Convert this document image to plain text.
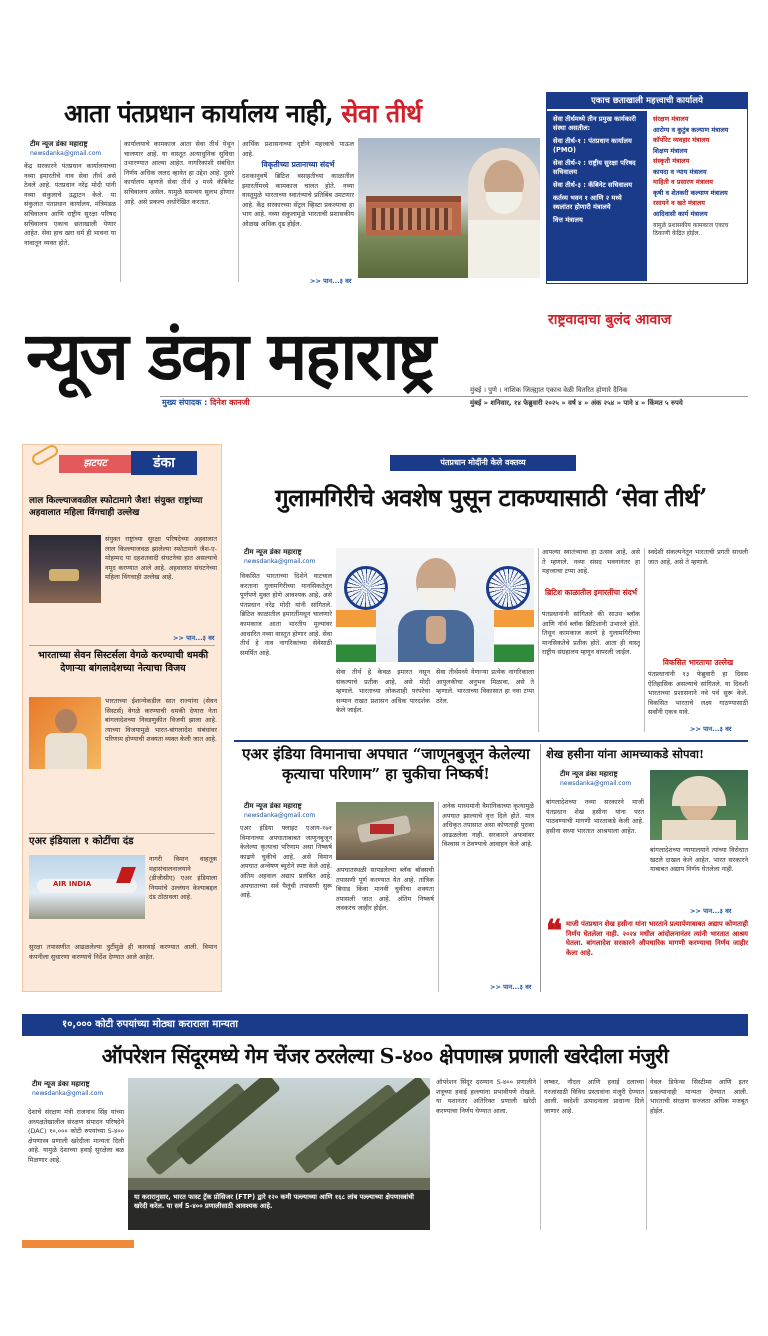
आता पंतप्रधान कार्यालय नाही, सेवा तीर्थ
टीम न्यूज डंका महाराष्ट्र
newsdanka@gmail.com
केंद्र सरकारने पंतप्रधान कार्यालयाच्या नव्या इमारतीचे नाव सेवा तीर्थ असे ठेवले आहे. पंतप्रधान नरेंद्र मोदी यांनी नव्या संकुलाचे उद्घाटन केले. या संकुलात पंतप्रधान कार्यालय, मंत्रिमंडळ सचिवालय आणि राष्ट्रीय सुरक्षा परिषद सचिवालय एकाच छताखाली येणार आहेत. सेवा हाच खरा धर्म ही भावना या नावातून व्यक्त होते.
कार्यालयाचे कामकाज आता सेवा तीर्थ येथून चालणार आहे. या वास्तूत अत्याधुनिक सुविधा उभारण्यात आल्या आहेत. नागरिकांशी संबंधित निर्णय अधिक जलद व्हावेत हा उद्देश आहे. दुसरे कार्यालय म्हणजे सेवा तीर्थ ३ मध्ये कॅबिनेट सचिवालय असेल. यामुळे समन्वय सुलभ होणार आहे. असे प्रकल्प अधोरेखित करतात.
आर्थिक प्रशासनाच्या दृष्टीने महत्त्वाचे पाऊल आहे.
विकृतीच्या प्रतानाच्या संदर्भ
दशकानुवर्षे ब्रिटिश वसाहतीच्या काळातील इमारतींमध्ये कामकाज चालत होते. नव्या वास्तूमुळे भारताच्या स्वातंत्र्याचे प्रतिबिंब उमटणार आहे. केंद्र सरकारच्या सेंट्रल व्हिस्टा प्रकल्पाचा हा भाग आहे. नव्या संकुलामुळे भारताची प्रशासकीय ओळख अधिक दृढ होईल.
>> पान...३ वर
एकाच छताखाली महत्त्वाची कार्यालये
सेवा तीर्थमध्ये तीन प्रमुख कार्यकारी संस्था असतील:
सेवा तीर्थ-१ : पंतप्रधान कार्यालय (PMO)
सेवा तीर्थ-२ : राष्ट्रीय सुरक्षा परिषद सचिवालय
सेवा तीर्थ-३ : कॅबिनेट सचिवालय
कर्तव्य भवन १ आणि २ मध्ये स्थलांतर होणारी मंत्रालये
वित्त मंत्रालय
संरक्षण मंत्रालय
आरोग्य व कुटुंब कल्याण मंत्रालय
कॉर्पोरेट व्यवहार मंत्रालय
शिक्षण मंत्रालय
संस्कृती मंत्रालय
कायदा व न्याय मंत्रालय
माहिती व प्रसारण मंत्रालय
कृषी व शेतकरी कल्याण मंत्रालय
रसायने व खते मंत्रालय
आदिवासी कार्य मंत्रालय
यामुळे प्रशासकीय कामकाज एकाच ठिकाणी केंद्रित होईल.
राष्ट्रवादाचा बुलंद आवाज
न्यूज डंका महाराष्ट्र	मुंबई । पुणे । नाशिक जिल्ह्यात एकाच वेळी वितरित होणारे दैनिक
मुख्य संपादक : दिनेश कानजी	मुंबई » शनिवार, १४ फेब्रुवारी २०२५ » वर्ष ४ » अंक २५४ » पाने ४ » किंमत ५ रुपये
झटपट	डंका
लाल किल्ल्याजवळील स्फोटामागे जैश! संयुक्त राष्ट्रांच्या अहवालात महिला विंगचाही उल्लेख
संयुक्त राष्ट्रांच्या सुरक्षा परिषदेच्या अहवालात लाल किल्ल्याजवळ झालेल्या स्फोटामागे जैश-ए-मोहम्मद या दहशतवादी संघटनेचा हात असल्याचे नमूद करण्यात आले आहे. अहवालात संघटनेच्या महिला विंगचाही उल्लेख आहे.
>> पान...३ वर
भारताच्या सेवन सिस्टर्सला वेगळे करण्याची धमकी देणाऱ्या बांगलादेशच्या नेत्याचा विजय
भारताच्या ईशान्येकडील सात राज्यांना (सेवन सिस्टर्स) वेगळे करण्याची धमकी देणारा नेता बांगलादेशच्या निवडणुकीत विजयी झाला आहे. त्याच्या विजयामुळे भारत-बांगलादेश संबंधांवर परिणाम होण्याची शक्यता व्यक्त केली जात आहे.
एअर इंडियाला १ कोटींचा दंड
AIR INDIA
नागरी विमान वाहतूक महासंचालनालयाने (डीजीसीए) एअर इंडियाला नियमांचे उल्लंघन केल्याबद्दल दंड ठोठावला आहे.
सुरक्षा तपासणीत आढळलेल्या त्रुटींमुळे ही कारवाई करण्यात आली. विमान कंपनीला सुधारणा करण्याचे निर्देश देण्यात आले आहेत.
पंतप्रधान मोदींनी केले वक्तव्य
गुलामगिरीचे अवशेष पुसून टाकण्यासाठी ‘सेवा तीर्थ’
टीम न्यूज डंका महाराष्ट्र
newsdanka@gmail.com
विकसित भारताच्या दिशेने वाटचाल करताना गुलामगिरीच्या मानसिकतेतून पूर्णपणे मुक्त होणे आवश्यक आहे, असे पंतप्रधान नरेंद्र मोदी यांनी सांगितले. ब्रिटिश काळातील इमारतींमधून चालणारे कामकाज आता भारतीय मूल्यांवर आधारित नव्या वास्तूत होणार आहे. सेवा तीर्थ हे नाव नागरिकांच्या सेवेसाठी समर्पित आहे.
सेवा तीर्थ हे केवळ इमारत नसून संकल्पाचे प्रतीक आहे, असे मोदी म्हणाले. भारताच्या लोकशाही परंपरेचा सन्मान राखत प्रशासन अधिक पारदर्शक केले जाईल.
सेवा तीर्थमध्ये येणाऱ्या प्रत्येक नागरिकाला आपुलकीचा अनुभव मिळावा, असे ते म्हणाले. भारताच्या विकासात हा नवा टप्पा ठरेल.
आपल्या स्वातंत्र्याचा हा उत्सव आहे, असे ते म्हणाले. नव्या संसद भवनानंतर हा महत्त्वाचा टप्पा आहे.
ब्रिटिश काळातील इमारतींचा संदर्भ
पंतप्रधानांनी सांगितले की साउथ ब्लॉक आणि नॉर्थ ब्लॉक ब्रिटिशांनी उभारले होते. तिथून कामकाज करणे हे गुलामगिरीच्या मानसिकतेचे प्रतीक होते. आता ही वास्तू राष्ट्रीय संग्रहालय म्हणून वापरली जाईल.
स्वदेशी संकल्पनेतून भारताची प्रगती साधली जात आहे, असे ते म्हणाले.
विकसित भारताचा उल्लेख
पंतप्रधानांनी १३ फेब्रुवारी हा दिवस ऐतिहासिक असल्याचे सांगितले. या दिवशी भारताच्या प्रशासनाने नवे पर्व सुरू केले. विकसित भारताचे लक्ष्य गाठण्यासाठी सर्वांनी एकत्र यावे.
>> पान...३ वर
एअर इंडिया विमानाचा अपघात “जाणूनबुजून केलेल्या कृत्याचा परिणाम” हा चुकीचा निष्कर्ष!
टीम न्यूज डंका महाराष्ट्र
newsdanka@gmail.com
एअर इंडिया फ्लाइट एआय-१७१ विमानाच्या अपघाताबाबत जाणूनबुजून केलेल्या कृत्याचा परिणाम असा निष्कर्ष काढणे चुकीचे आहे, असे विमान अपघात अन्वेषण ब्युरोने स्पष्ट केले आहे. अंतिम अहवाल अद्याप प्रलंबित आहे. अपघाताच्या सर्व पैलूंची तपासणी सुरू आहे.
अपघातस्थळी सापडलेल्या ब्लॅक बॉक्सची तपासणी पूर्ण करण्यात येत आहे. तांत्रिक बिघाड किंवा मानवी चुकीचा शक्यता तपासली जात आहे. अंतिम निष्कर्ष लवकरच जाहीर होईल.
अनेक माध्यमांनी वैमानिकाच्या कृत्यामुळे अपघात झाल्याचे वृत्त दिले होते. मात्र अधिकृत तपासात असा कोणताही पुरावा आढळलेला नाही. सरकारने अफवांवर विश्वास न ठेवण्याचे आवाहन केले आहे.
>> पान...३ वर
शेख हसीना यांना आमच्याकडे सोपवा!
टीम न्यूज डंका महाराष्ट्र
newsdanka@gmail.com
बांगलादेशच्या नव्या सरकारने माजी पंतप्रधान शेख हसीना यांना परत पाठवण्याची मागणी भारताकडे केली आहे. हसीना सध्या भारतात आश्रयाला आहेत.
बांगलादेशच्या न्यायालयाने त्यांच्या विरोधात खटले दाखल केले आहेत. भारत सरकारने याबाबत अद्याप निर्णय घेतलेला नाही.
>> पान...३ वर
❝ माजी पंतप्रधान शेख हसीना यांना भारताने प्रत्यार्पणाबाबत अद्याप कोणताही निर्णय घेतलेला नाही. २०२४ मधील आंदोलनानंतर त्यांनी भारतात आश्रय घेतला. बांगलादेश सरकारने औपचारिक मागणी करण्याचा निर्णय जाहीर केला आहे.
१०,००० कोटी रुपयांच्या मोठ्या कराराला मान्यता
ऑपरेशन सिंदूरमध्ये गेम चेंजर ठरलेल्या S-४०० क्षेपणास्त्र प्रणाली खरेदीला मंजुरी
टीम न्यूज डंका महाराष्ट्र
newsdanka@gmail.com
देशाचे संरक्षण मंत्री राजनाथ सिंह यांच्या अध्यक्षतेखालील संरक्षण संपादन परिषदेने (DAC) १०,००० कोटी रुपयांच्या S-४०० क्षेपणास्त्र प्रणाली खरेदीला मान्यता दिली आहे. यामुळे देशाच्या हवाई सुरक्षेला बळ मिळणार आहे.
या करारानुसार, भारत फास्ट ट्रॅक प्रोसिजर (FTP) द्वारे १२० कमी पल्ल्याच्या आणि १६८ लांब पल्ल्याच्या क्षेपणास्त्रांची खरेदी करेल. या सर्व S-४०० प्रणालीसाठी आवश्यक आहे.
ऑपरेशन सिंदूर दरम्यान S-४०० प्रणालीने शत्रूच्या हवाई हल्ल्यांना प्रभावीपणे रोखले. या यशानंतर अतिरिक्त प्रणाली खरेदी करण्याचा निर्णय घेण्यात आला.
लष्कर, नौदल आणि हवाई दलाच्या गरजांसाठी विविध प्रस्तावांना मंजुरी देण्यात आली. स्वदेशी उत्पादनाला प्राधान्य दिले जाणार आहे.
नेवल डिफेन्स सिस्टीम्स आणि इतर प्रकल्पांनाही मान्यता देण्यात आली. भारताची संरक्षण सज्जता अधिक मजबूत होईल.
